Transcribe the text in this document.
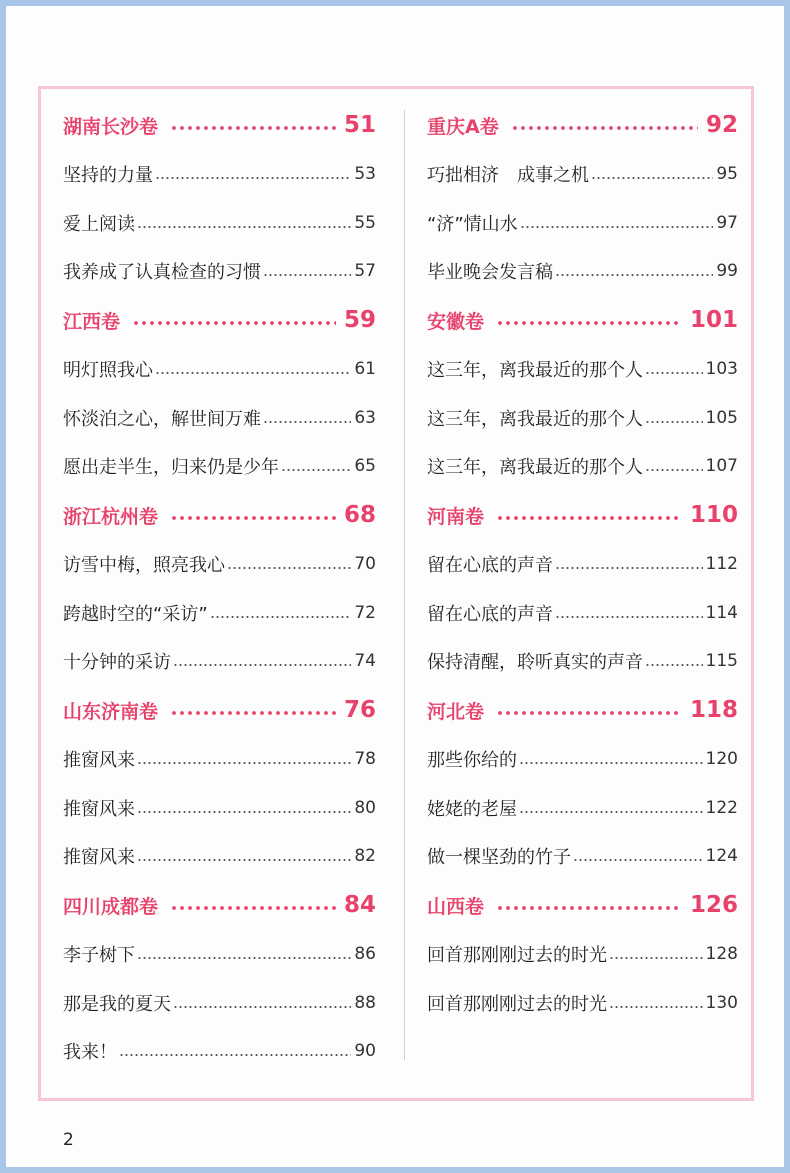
湖南长沙卷	51
坚持的力量	53
爱上阅读	55
我养成了认真检查的习惯	57
江西卷	59
明灯照我心	61
怀淡泊之心，解世间万难	63
愿出走半生，归来仍是少年	65
浙江杭州卷	68
访雪中梅，照亮我心	70
跨越时空的“采访”	72
十分钟的采访	74
山东济南卷	76
推窗风来	78
推窗风来	80
推窗风来	82
四川成都卷	84
李子树下	86
那是我的夏天	88
我来！	90
重庆A卷	92
巧拙相济　成事之机	95
“济”情山水	97
毕业晚会发言稿	99
安徽卷	101
这三年，离我最近的那个人	103
这三年，离我最近的那个人	105
这三年，离我最近的那个人	107
河南卷	110
留在心底的声音	112
留在心底的声音	114
保持清醒，聆听真实的声音	115
河北卷	118
那些你给的	120
姥姥的老屋	122
做一棵坚劲的竹子	124
山西卷	126
回首那刚刚过去的时光	128
回首那刚刚过去的时光	130
2
